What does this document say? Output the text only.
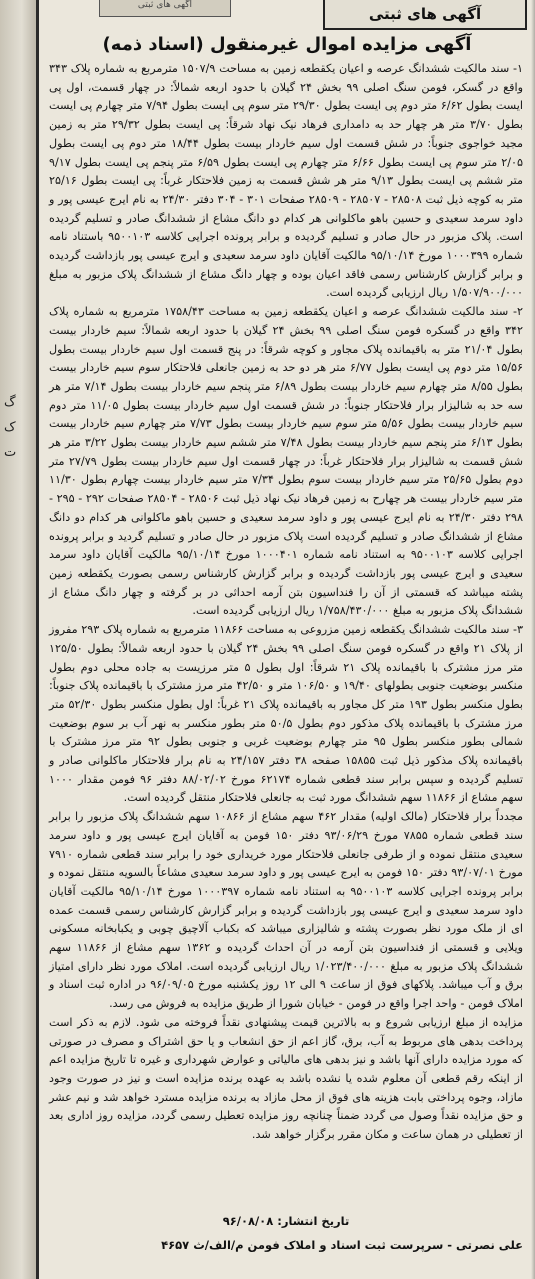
گ
ک
ت
آگهی های ثبتی	آگهی های ثبتی
آگهی مزایده اموال غیرمنقول (اسناد ذمه)

۱- سند مالکیت ششدانگ عرصه و اعیان یکقطعه زمین به مساحت ۱۵۰۷/۹ مترمربع به شماره پلاک ۳۴۳ واقع در گسکر، فومن سنگ اصلی ۹۹ بخش ۲۴ گیلان با حدود اربعه شمالاً: در چهار قسمت، اول پی ایست بطول ۶/۶۲ متر دوم پی ایست بطول ۲۹/۳۰ متر سوم پی ایست بطول ۷/۹۴ متر چهارم پی ایست بطول ۳/۷۰ متر هر چهار حد به دامداری فرهاد نیک نهاد شرقاً: پی ایست بطول ۲۹/۳۲ متر به زمین مجید خواجوی جنوباً: در شش قسمت اول سیم خاردار بیست بطول ۱۸/۴۴ متر دوم پی ایست بطول ۲/۰۵ متر سوم پی ایست بطول ۶/۶۶ متر چهارم پی ایست بطول ۶/۵۹ متر پنجم پی ایست بطول ۹/۱۷ متر ششم پی ایست بطول ۹/۱۳ متر هر شش قسمت به زمین فلاحتکار غرباً: پی ایست بطول ۲۵/۱۶ متر به کوچه ذیل ثبت ۲۸۵۰۸ - ۲۸۵۰۷ - ۲۸۵۰۹ صفحات ۳۰۱ - ۳۰۴ دفتر ۲۴/۳۰ به نام ایرج عیسی پور و داود سرمد سعیدی و حسین باهو ماکلوانی هر کدام دو دانگ مشاع از ششدانگ صادر و تسلیم گردیده است. پلاک مزبور در حال صادر و تسلیم گردیده و برابر پرونده اجرایی کلاسه ۹۵۰۰۱۰۳ باستناد نامه شماره ۱۰۰۰۳۹۹ مورخ ۹۵/۱۰/۱۴ مالکیت آقایان داود سرمد سعیدی و ایرج عیسی پور بازداشت گردیده و برابر گزارش کارشناس رسمی فاقد اعیان بوده و چهار دانگ مشاع از ششدانگ پلاک مزبور به مبلغ ۱/۵۰۷/۹۰۰/۰۰۰ ریال ارزیابی گردیده است.

۲- سند مالکیت ششدانگ عرصه و اعیان یکقطعه زمین به مساحت ۱۷۵۸/۴۳ مترمربع به شماره پلاک ۳۴۲ واقع در گسکره فومن سنگ اصلی ۹۹ بخش ۲۴ گیلان با حدود اربعه شمالاً: سیم خاردار بیست بطول ۲۱/۰۴ متر به باقیمانده پلاک مجاور و کوچه شرقاً: در پنج قسمت اول سیم خاردار بیست بطول ۱۵/۵۶ متر دوم پی ایست بطول ۶/۷۷ متر هر دو حد به زمین جانعلی فلاحتکار سوم سیم خاردار بیست بطول ۸/۵۵ متر چهارم سیم خاردار بیست بطول ۶/۸۹ متر پنجم سیم خاردار بیست بطول ۷/۱۴ متر هر سه حد به شالیزار برار فلاحتکار جنوباً: در شش قسمت اول سیم خاردار بیست بطول ۱۱/۰۵ متر دوم سیم خاردار بیست بطول ۵/۵۶ متر سوم سیم خاردار بیست بطول ۷/۷۳ متر چهارم سیم خاردار بیست بطول ۶/۱۳ متر پنجم سیم خاردار بیست بطول ۷/۴۸ متر ششم سیم خاردار بیست بطول ۳/۲۲ متر هر شش قسمت به شالیزار برار فلاحتکار غرباً: در چهار قسمت اول سیم خاردار بیست بطول ۲۷/۷۹ متر دوم بطول ۲۵/۶۵ متر سیم خاردار بیست سوم بطول ۷/۳۴ متر سیم خاردار بیست چهارم بطول ۱۱/۳۰ متر سیم خاردار بیست هر چهارح به زمین فرهاد نیک نهاد ذیل ثبت ۲۸۵۰۶ - ۲۸۵۰۴ صفحات ۲۹۲ - ۲۹۵ - ۲۹۸ دفتر ۲۴/۳۰ به نام ایرج عیسی پور و داود سرمد سعیدی و حسین باهو ماکلوانی هر کدام دو دانگ مشاع از ششدانگ صادر و تسلیم گردیده است پلاک مزبور در حال صادر و تسلیم گردید و برابر پرونده اجرایی کلاسه ۹۵۰۰۱۰۳ به استناد نامه شماره ۱۰۰۰۴۰۱ مورخ ۹۵/۱۰/۱۴ مالکیت آقایان داود سرمد سعیدی و ایرج عیسی پور بازداشت گردیده و برابر گزارش کارشناس رسمی بصورت یکقطعه زمین پشته میباشد که قسمتی از آن را فنداسیون بتن آرمه احداثی در بر گرفته و چهار دانگ مشاع از ششدانگ پلاک مزبور به مبلغ ۱/۷۵۸/۴۳۰/۰۰۰ ریال ارزیابی گردیده است.

۳- سند مالکیت ششدانگ یکقطعه زمین مزروعی به مساحت ۱۱۸۶۶ مترمربع به شماره پلاک ۲۹۳ مفروز از پلاک ۲۱ واقع در گسکره فومن سنگ اصلی ۹۹ بخش ۲۴ گیلان با حدود اربعه شمالاً: بطول ۱۲۵/۵۰ متر مرز مشترک با باقیمانده پلاک ۲۱ شرقاً: اول بطول ۵ متر مرزیست به جاده محلی دوم بطول منکسر بوضعیت جنوبی بطولهای ۱۹/۴۰ و ۱۰۶/۵۰ متر و ۴۲/۵۰ متر مرز مشترک با باقیمانده پلاک جنوباً: بطول منکسر بطول ۱۹۳ متر کل مجاور به باقیمانده پلاک ۲۱ غرباً: اول بطول منکسر بطول ۵۲/۳۰ متر مرز مشترک با باقیمانده پلاک مذکور دوم بطول ۵۰/۵ متر بطور منکسر به نهر آب بر سوم بوضعیت شمالی بطور منکسر بطول ۹۵ متر چهارم بوضعیت غربی و جنوبی بطول ۹۲ متر مرز مشترک با باقیمانده پلاک مذکور ذیل ثبت ۱۵۸۵۵ صفحه ۳۸ دفتر ۲۴/۱۵۷ به نام برار فلاحتکار ماکلوانی صادر و تسلیم گردیده و سپس برابر سند قطعی شماره ۶۲۱۷۴ مورخ ۸۸/۰۲/۰۲ دفتر ۹۶ فومن مقدار ۱۰۰۰ سهم مشاع از ۱۱۸۶۶ سهم ششدانگ مورد ثبت به جانعلی فلاحتکار منتقل گردیده است.

مجدداً برار فلاحتکار (مالک اولیه) مقدار ۴۶۲ سهم مشاع از ۱۰۸۶۶ سهم ششدانگ پلاک مزبور را برابر سند قطعی شماره ۷۸۵۵ مورخ ۹۳/۰۶/۲۹ دفتر ۱۵۰ فومن به آقایان ایرج عیسی پور و داود سرمد سعیدی منتقل نموده و از طرفی جانعلی فلاحتکار مورد خریداری خود را برابر سند قطعی شماره ۷۹۱۰ مورخ ۹۳/۰۷/۰۱ دفتر ۱۵۰ فومن به ایرج عیسی پور و داود سرمد سعیدی مشاعاً بالسویه منتقل نموده و برابر پرونده اجرایی کلاسه ۹۵۰۰۱۰۳ به استناد نامه شماره ۱۰۰۰۳۹۷ مورخ ۹۵/۱۰/۱۴ مالکیت آقایان داود سرمد سعیدی و ایرج عیسی پور بازداشت گردیده و برابر گزارش کارشناس رسمی قسمت عمده ای از ملک مورد نظر بصورت پشته و شالیزاری میباشد که بکباب آلاچیق چوبی و یکبابخانه مسکونی ویلایی و قسمتی از فنداسیون بتن آرمه در آن احداث گردیده و ۱۳۶۲ سهم مشاع از ۱۱۸۶۶ سهم ششدانگ پلاک مزبور به مبلغ ۱/۰۲۳/۴۰۰/۰۰۰ ریال ارزیابی گردیده است. املاک مورد نظر دارای امتیاز برق و آب میباشد. پلاکهای فوق از ساعت ۹ الی ۱۲ روز یکشنبه مورخ ۹۶/۰۹/۰۵ در اداره ثبت اسناد و املاک فومن - واحد اجرا واقع در فومن - خیابان شورا از طریق مزایده به فروش می رسد.

مزایده از مبلغ ارزیابی شروع و به بالاترین قیمت پیشنهادی نقداً فروخته می شود. لازم به ذکر است پرداخت بدهی های مربوط به آب، برق، گاز اعم از حق انشعاب و یا حق اشتراک و مصرف در صورتی که مورد مزایده دارای آنها باشد و نیز بدهی های مالیاتی و عوارض شهرداری و غیره تا تاریخ مزایده اعم از اینکه رقم قطعی آن معلوم شده یا نشده باشد به عهده برنده مزایده است و نیز در صورت وجود مازاد، وجوه پرداختی بابت هزینه های فوق از محل مازاد به برنده مزایده مسترد خواهد شد و نیم عشر و حق مزایده نقداً وصول می گردد ضمناً چنانچه روز مزایده تعطیل رسمی گردد، مزایده روز اداری بعد از تعطیلی در همان ساعت و مکان مقرر برگزار خواهد شد.

تاریخ انتشار: ۹۶/۰۸/۰۸
علی نصرتی - سرپرست ثبت اسناد و املاک فومن م/الف/ث ۴۶۵۷
